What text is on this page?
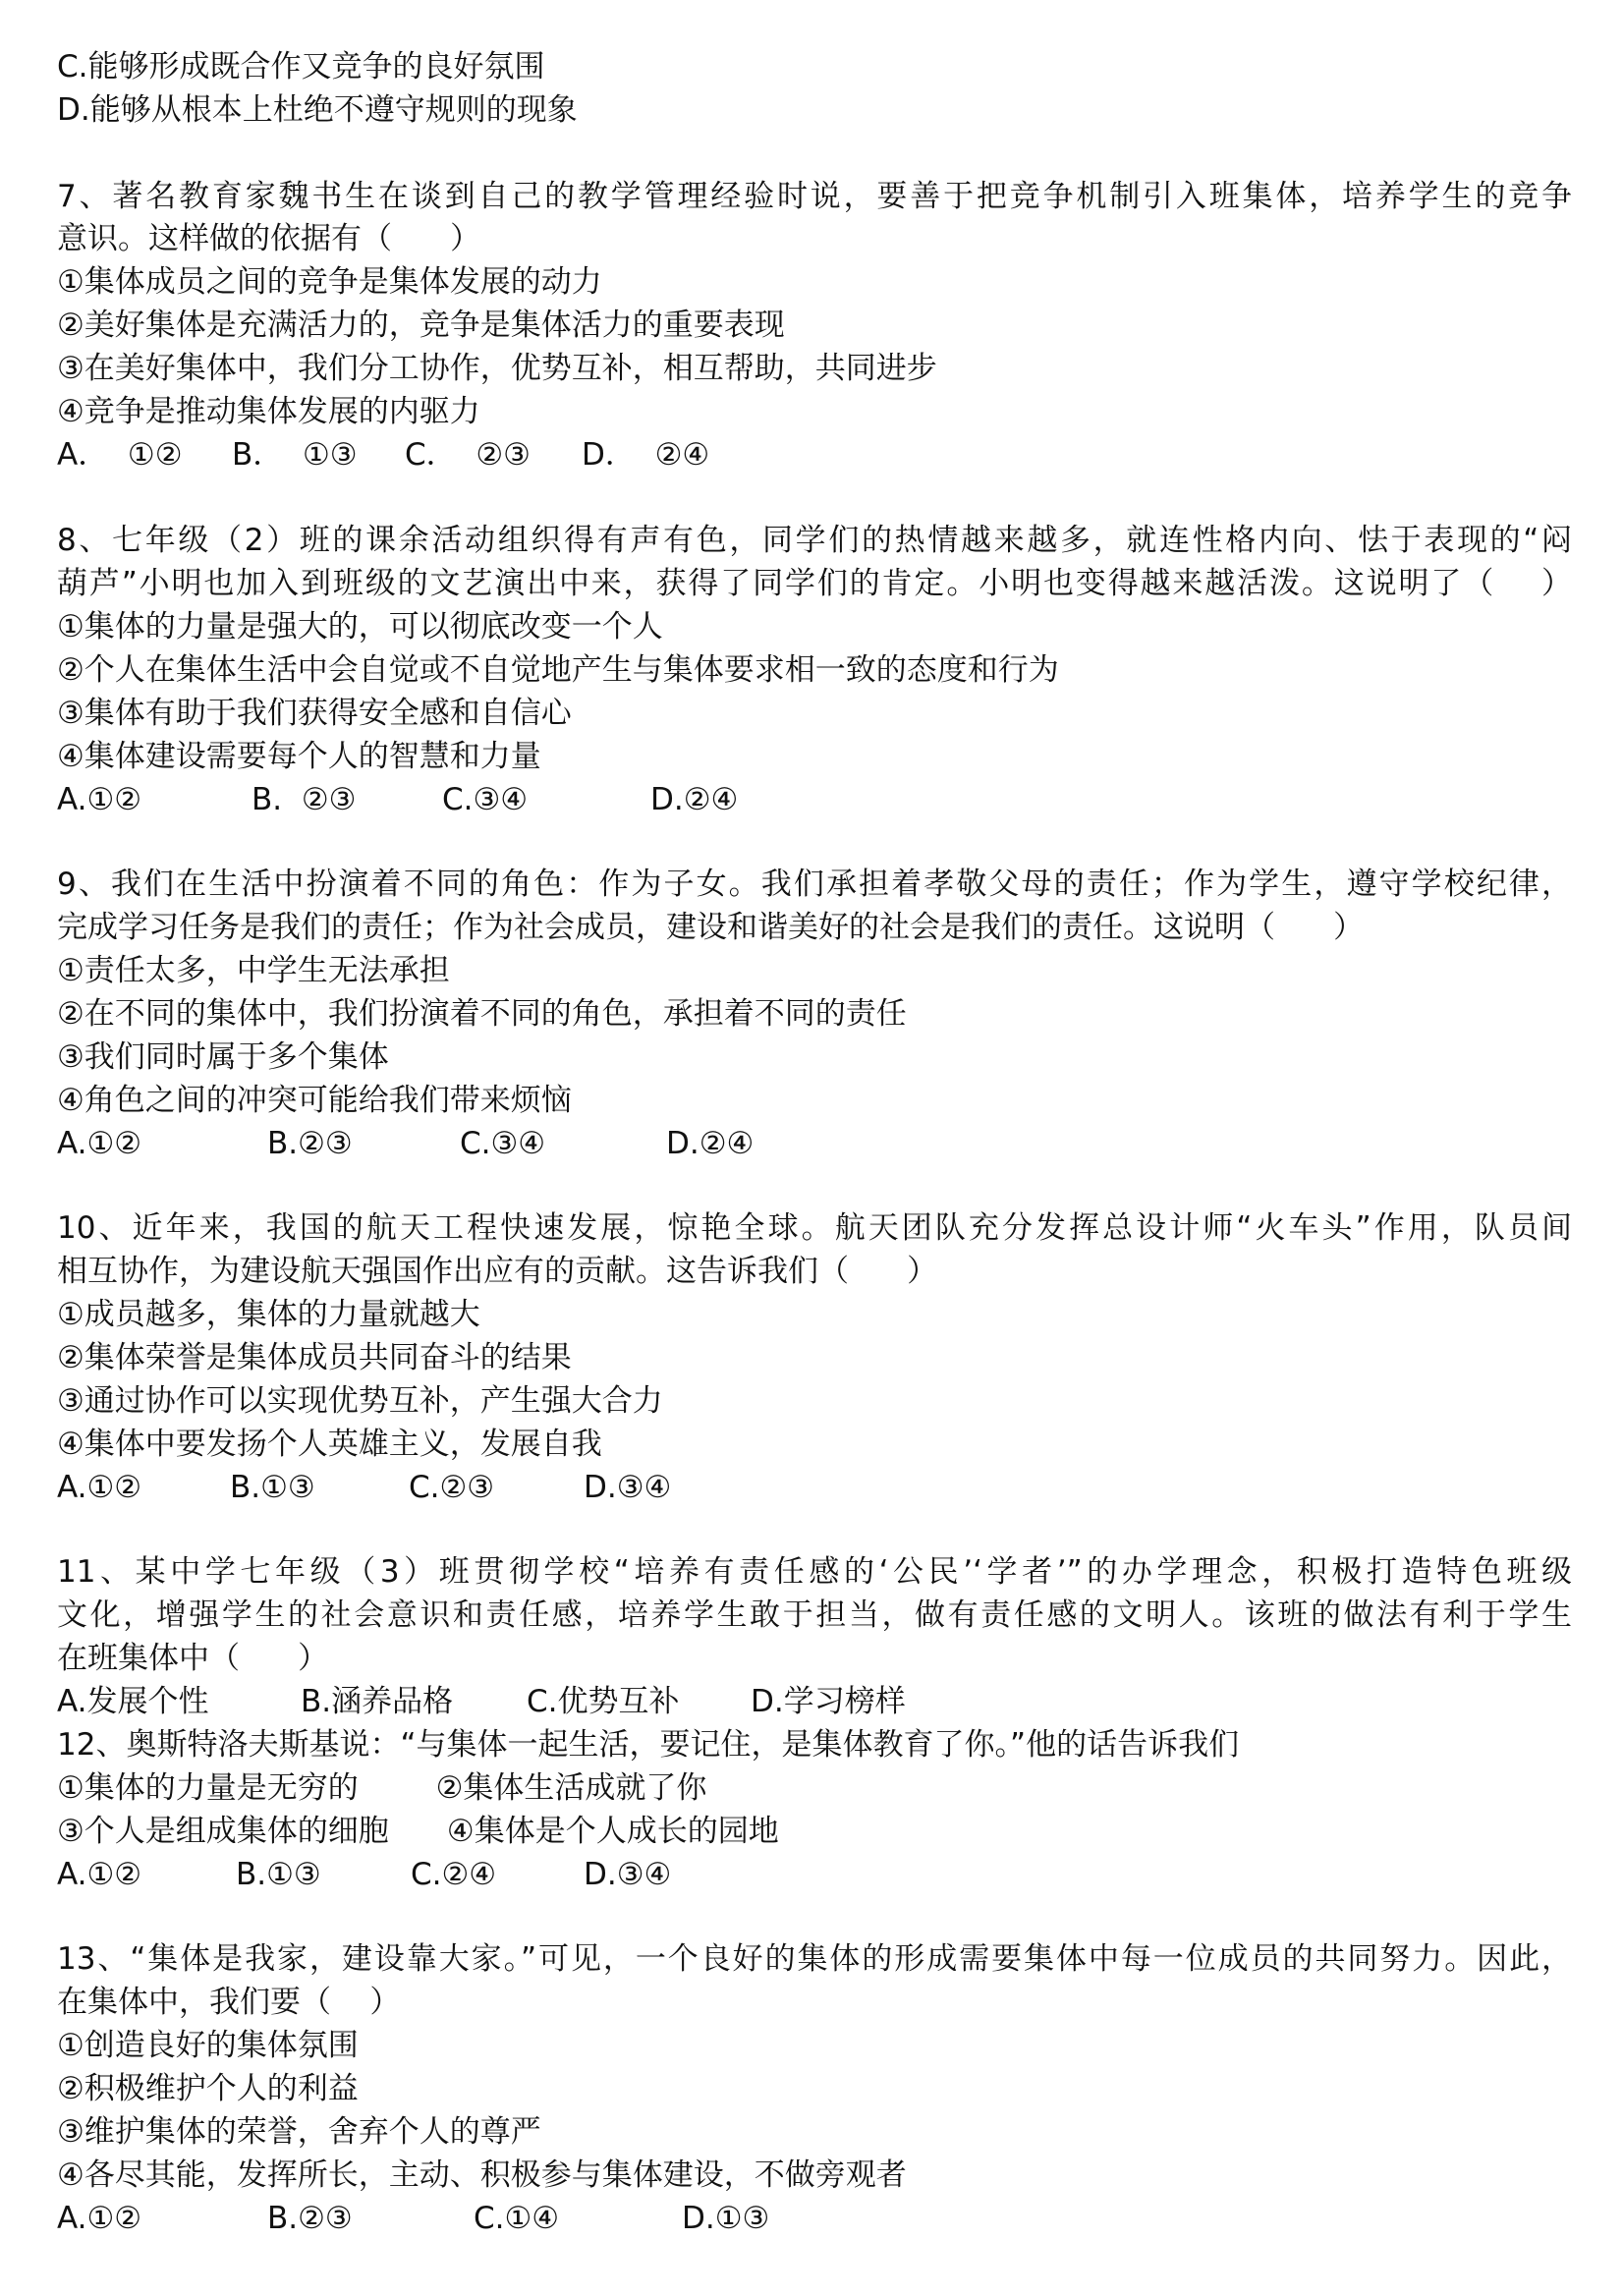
C.能够形成既合作又竞争的良好氛围

D.能够从根本上杜绝不遵守规则的现象

7、著名教育家魏书生在谈到自己的教学管理经验时说，要善于把竞争机制引入班集体，培养学生的竞争

意识。这样做的依据有（      ）

①集体成员之间的竞争是集体发展的动力

②美好集体是充满活力的，竞争是集体活力的重要表现

③在美好集体中，我们分工协作，优势互补，相互帮助，共同进步

④竞争是推动集体发展的内驱力

A．  ①② B．  ①③ C．  ②③ D．  ②④

8、七年级（2）班的课余活动组织得有声有色，同学们的热情越来越多，就连性格内向、怯于表现的“闷

葫芦”小明也加入到班级的文艺演出中来，获得了同学们的肯定。小明也变得越来越活泼。这说明了（    ）

①集体的力量是强大的，可以彻底改变一个人

②个人在集体生活中会自觉或不自觉地产生与集体要求相一致的态度和行为

③集体有助于我们获得安全感和自信心

④集体建设需要每个人的智慧和力量

A.①②	B.  ②③	C.③④	D.②④

9、我们在生活中扮演着不同的角色：作为子女。我们承担着孝敬父母的责任；作为学生，遵守学校纪律，

完成学习任务是我们的责任；作为社会成员，建设和谐美好的社会是我们的责任。这说明（      ）

①责任太多，中学生无法承担

②在不同的集体中，我们扮演着不同的角色，承担着不同的责任

③我们同时属于多个集体

④角色之间的冲突可能给我们带来烦恼

A.①②	B.②③	C.③④	D.②④

10、近年来，我国的航天工程快速发展，惊艳全球。航天团队充分发挥总设计师“火车头”作用，队员间

相互协作，为建设航天强国作出应有的贡献。这告诉我们（      ）

①成员越多，集体的力量就越大

②集体荣誉是集体成员共同奋斗的结果

③通过协作可以实现优势互补，产生强大合力

④集体中要发扬个人英雄主义，发展自我

A.①②	B.①③	C.②③	D.③④

11、某中学七年级（3）班贯彻学校“培养有责任感的‘公民’‘学者’”的办学理念，积极打造特色班级

文化，增强学生的社会意识和责任感，培养学生敢于担当，做有责任感的文明人。该班的做法有利于学生

在班集体中（      ）

A.发展个性	B.涵养品格 C.优势互补 D.学习榜样

12、奥斯特洛夫斯基说：“与集体一起生活，要记住，是集体教育了你。”他的话告诉我们

①集体的力量是无穷的        ②集体生活成就了你

③个人是组成集体的细胞      ④集体是个人成长的园地

A.①②	B.①③	C.②④	D.③④

13、“集体是我家，建设靠大家。”可见，一个良好的集体的形成需要集体中每一位成员的共同努力。因此，

在集体中，我们要（    ）

①创造良好的集体氛围

②积极维护个人的利益

③维护集体的荣誉，舍弃个人的尊严

④各尽其能，发挥所长，主动、积极参与集体建设，不做旁观者

A.①②	B.②③	C.①④	D.①③
